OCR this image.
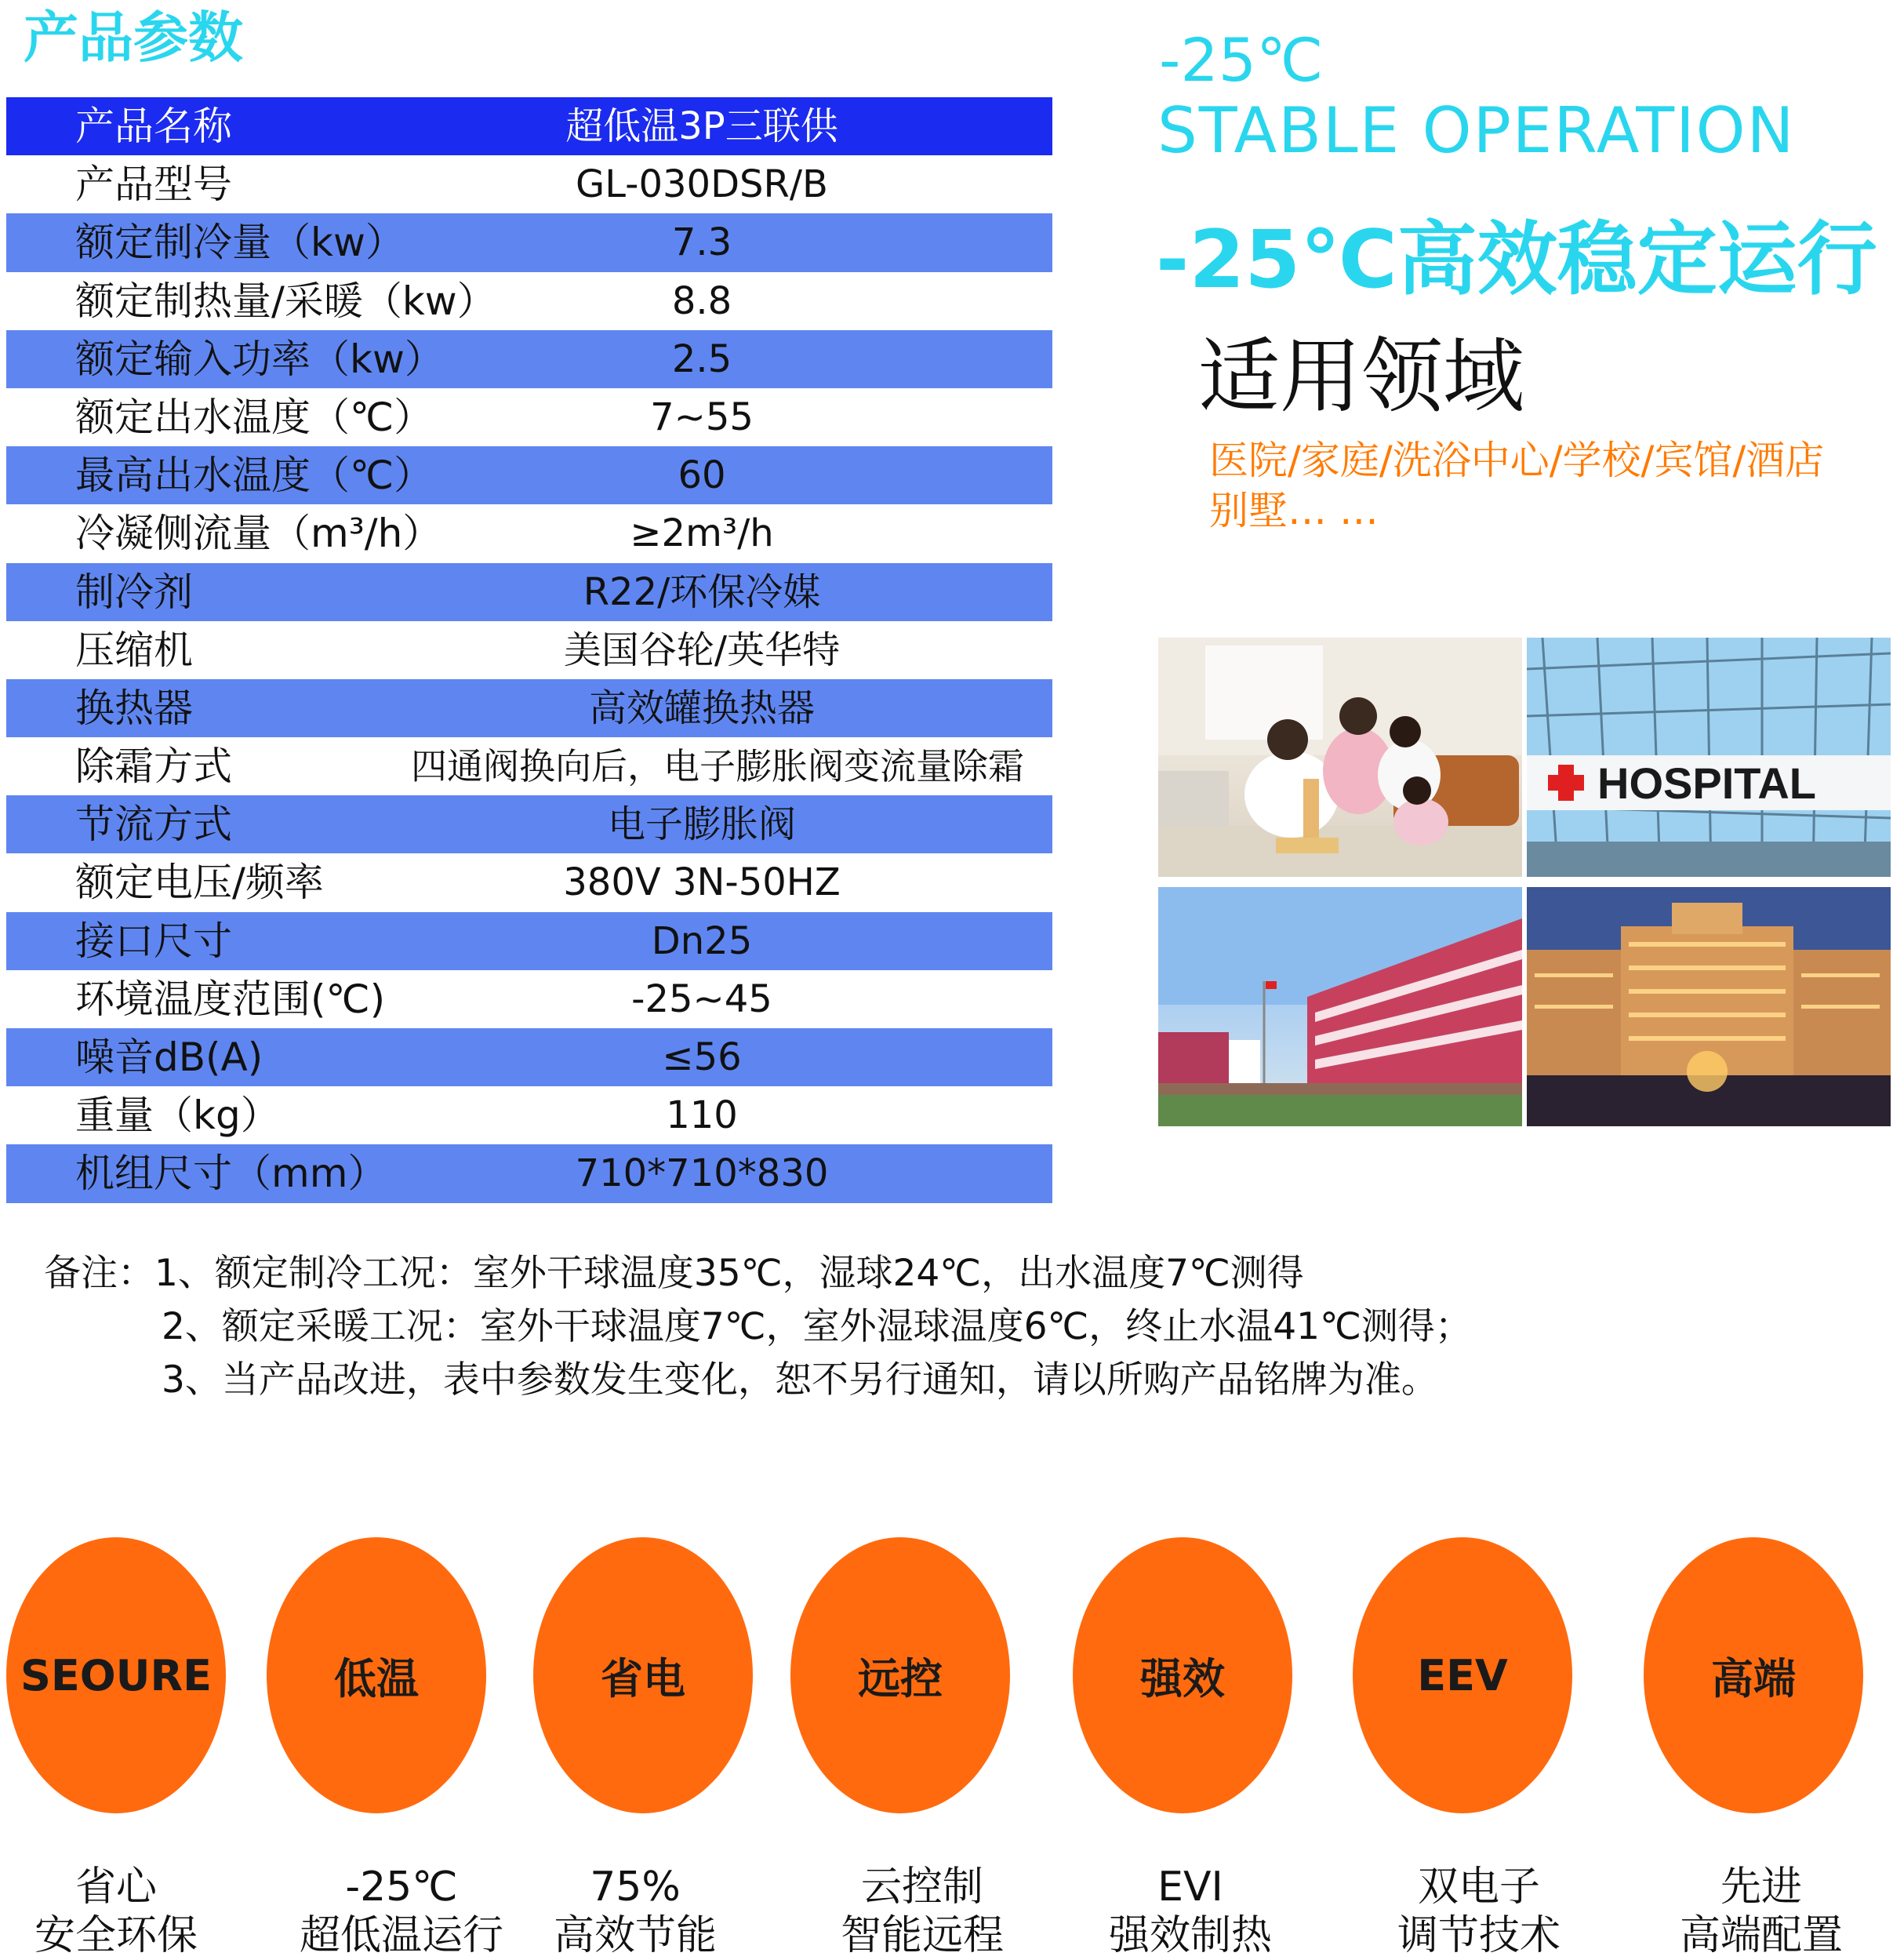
产品参数
产品名称	超低温3P三联供
产品型号	GL-030DSR/B
额定制冷量（kw）	7.3
额定制热量/采暖（kw）	8.8
额定输入功率（kw）	2.5
额定出水温度（℃）	7~55
最高出水温度（℃）	60
冷凝侧流量（m³/h）	≥2m³/h
制冷剂	R22/环保冷媒
压缩机	美国谷轮/英华特
换热器	高效罐换热器
除霜方式	四通阀换向后，电子膨胀阀变流量除霜
节流方式	电子膨胀阀
额定电压/频率	380V 3N-50HZ
接口尺寸	Dn25
环境温度范围(℃)	-25~45
噪音dB(A)	≤56
重量（kg）	110
机组尺寸（mm）	710*710*830
-25℃
STABLE OPERATION
-25℃高效稳定运行
适用领域
医院/家庭/洗浴中心/学校/宾馆/酒店
别墅… …
HOSPITAL
备注：1、额定制冷工况：室外干球温度35℃，湿球24℃，出水温度7℃测得
2、额定采暖工况：室外干球温度7℃，室外湿球温度6℃，终止水温41℃测得；
3、当产品改进，表中参数发生变化，恕不另行通知，请以所购产品铭牌为准。
SEOURE
省心
安全环保
低温
-25℃
超低温运行
省电
75%
高效节能
远控
云控制
智能远程
强效
EVI
强效制热
EEV
双电子
调节技术
高端
先进
高端配置
